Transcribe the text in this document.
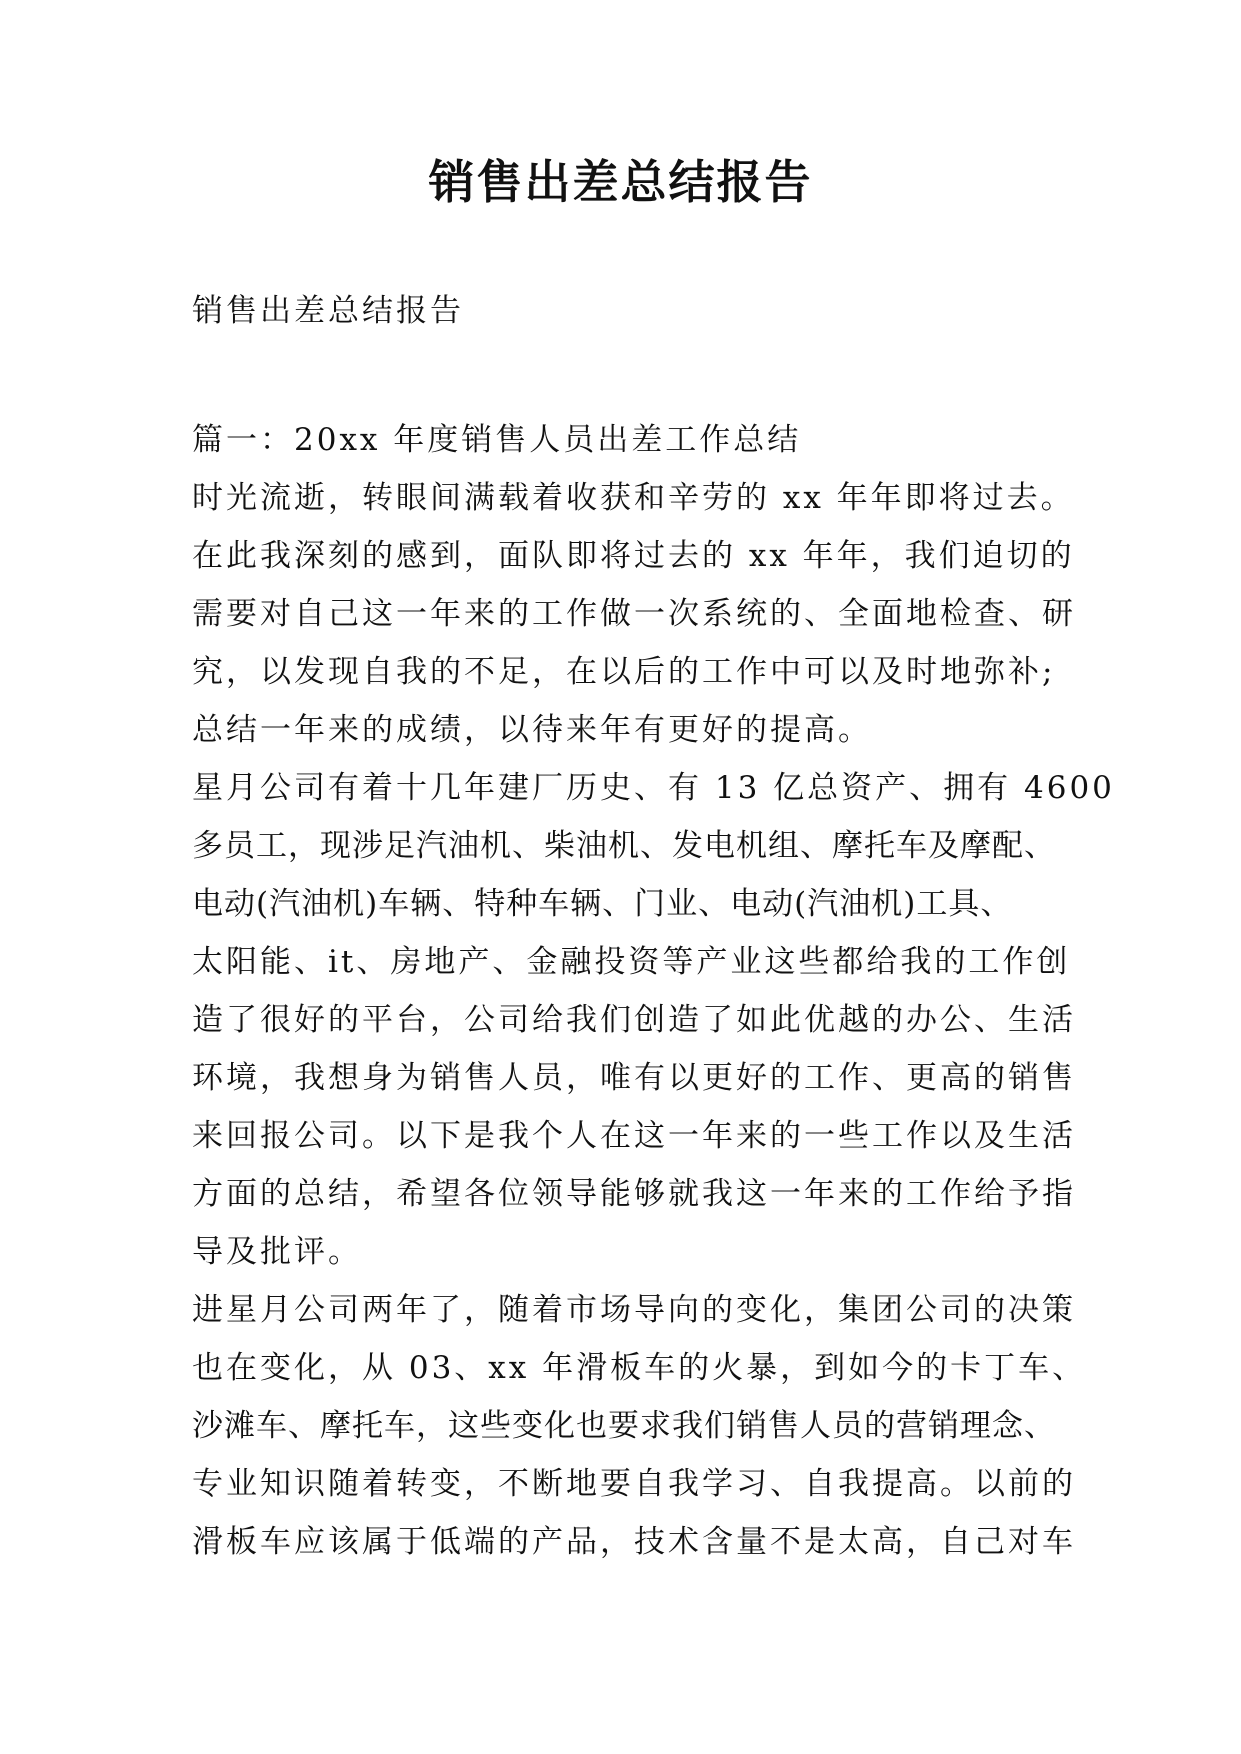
销售出差总结报告
销售出差总结报告
篇一：20xx 年度销售人员出差工作总结
时光流逝，转眼间满载着收获和辛劳的 xx 年年即将过去。
在此我深刻的感到，面队即将过去的 xx 年年，我们迫切的
需要对自己这一年来的工作做一次系统的、全面地检查、研
究，以发现自我的不足，在以后的工作中可以及时地弥补;
总结一年来的成绩，以待来年有更好的提高。
星月公司有着十几年建厂历史、有 13 亿总资产、拥有 4600
多员工，现涉足汽油机、柴油机、发电机组、摩托车及摩配、
电动(汽油机)车辆、特种车辆、门业、电动(汽油机)工具、
太阳能、it、房地产、金融投资等产业这些都给我的工作创
造了很好的平台，公司给我们创造了如此优越的办公、生活
环境，我想身为销售人员，唯有以更好的工作、更高的销售
来回报公司。以下是我个人在这一年来的一些工作以及生活
方面的总结，希望各位领导能够就我这一年来的工作给予指
导及批评。
进星月公司两年了，随着市场导向的变化，集团公司的决策
也在变化，从 03、xx 年滑板车的火暴，到如今的卡丁车、
沙滩车、摩托车，这些变化也要求我们销售人员的营销理念、
专业知识随着转变，不断地要自我学习、自我提高。以前的
滑板车应该属于低端的产品，技术含量不是太高，自己对车
